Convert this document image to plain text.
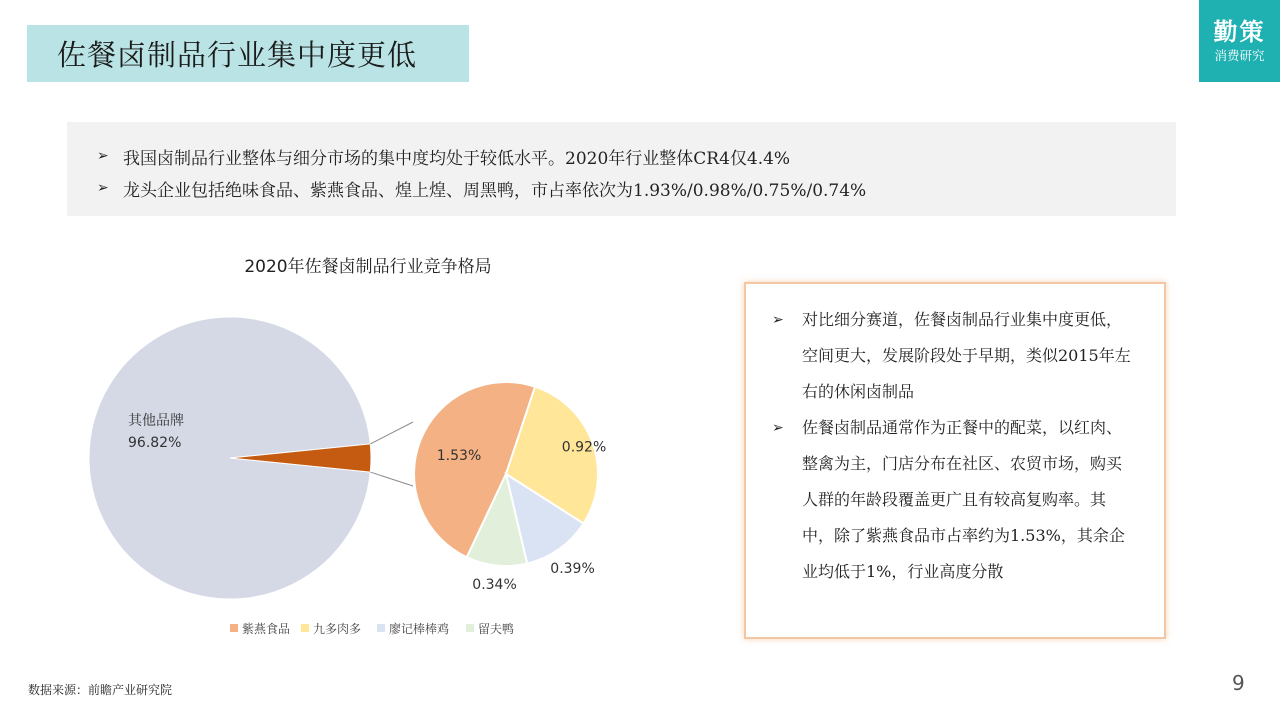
佐餐卤制品行业集中度更低
勤策
消费研究
➢ 我国卤制品行业整体与细分市场的集中度均处于较低水平。2020年行业整体CR4仅4.4%
➢ 龙头企业包括绝味食品、紫燕食品、煌上煌、周黑鸭，市占率依次为1.93%/0.98%/0.75%/0.74%
2020年佐餐卤制品行业竞争格局
其他品牌
96.82%
1.53%
0.92%
0.39%
0.34%
紫燕食品 九多肉多 廖记棒棒鸡 留夫鸭
➢	对比细分赛道，佐餐卤制品行业集中度更低，空间更大，发展阶段处于早期，类似2015年左右的休闲卤制品
➢	佐餐卤制品通常作为正餐中的配菜，以红肉、整禽为主，门店分布在社区、农贸市场，购买人群的年龄段覆盖更广且有较高复购率。其中，除了紫燕食品市占率约为1.53%，其余企业均低于1%，行业高度分散
数据来源：前瞻产业研究院	9
